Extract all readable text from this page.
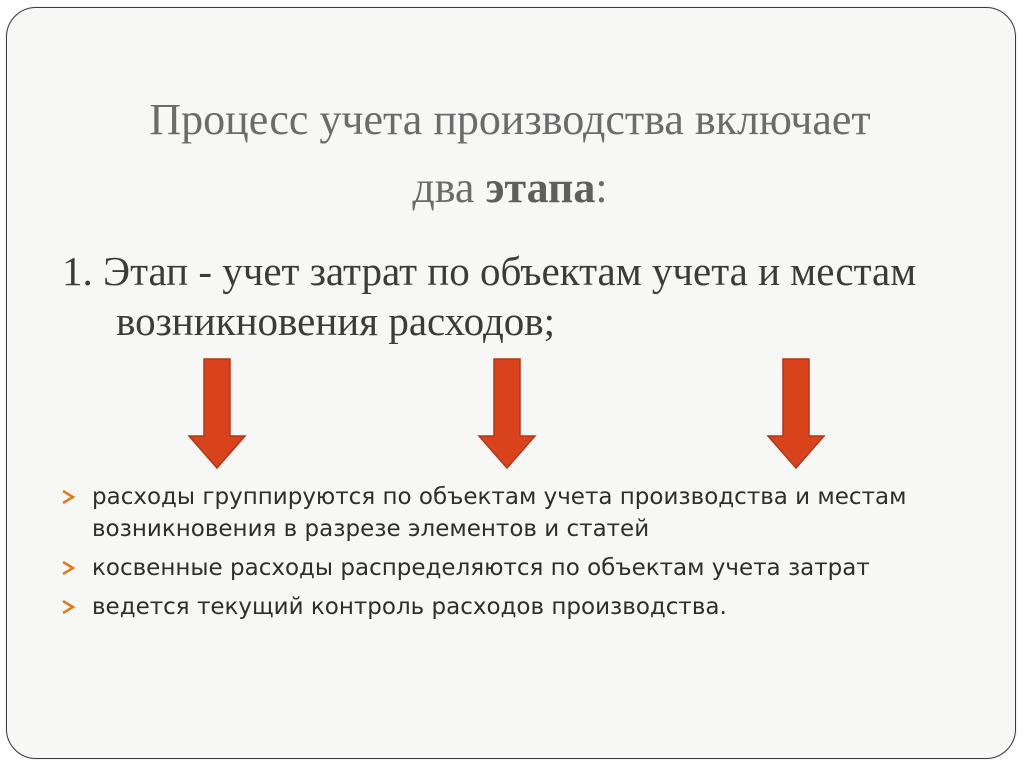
Процесс учета производства включает
два этапа:

1. Этап - учет затрат по объектам учета и местам возникновения расходов;

расходы группируются по объектам учета производства и местам возникновения в разрезе элементов и статей
косвенные расходы распределяются по объектам учета затрат
ведется текущий контроль расходов производства.
